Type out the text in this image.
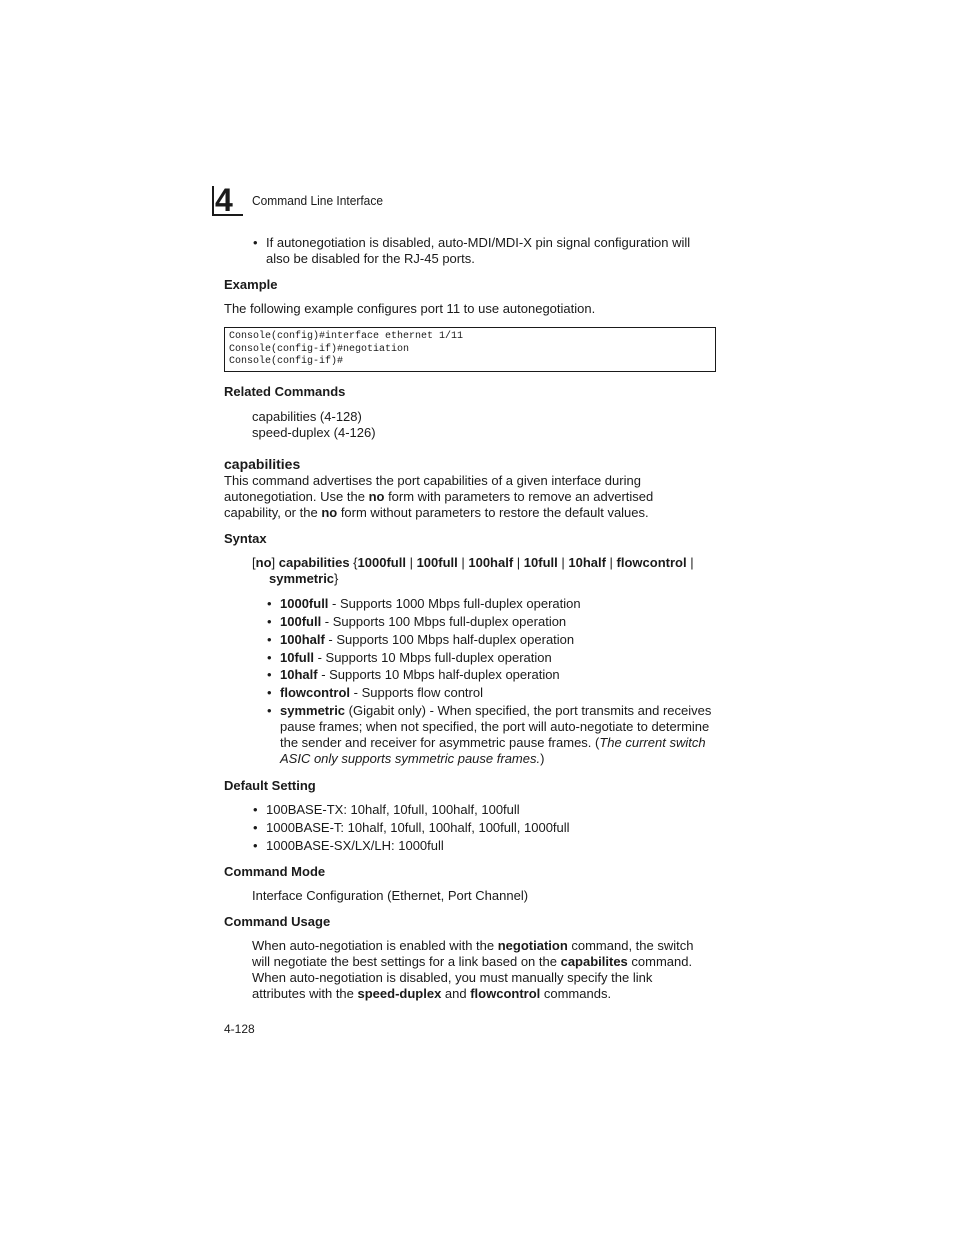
4	Command Line Interface
• If autonegotiation is disabled, auto-MDI/MDI-X pin signal configuration will
also be disabled for the RJ-45 ports.
Example
The following example configures port 11 to use autonegotiation.
Console(config)#interface ethernet 1/11
Console(config-if)#negotiation
Console(config-if)#
Related Commands
capabilities (4-128)
speed-duplex (4-126)
capabilities
This command advertises the port capabilities of a given interface during
autonegotiation. Use the no form with parameters to remove an advertised
capability, or the no form without parameters to restore the default values.
Syntax
[no] capabilities {1000full | 100full | 100half | 10full | 10half | flowcontrol |
symmetric}
• 1000full - Supports 1000 Mbps full-duplex operation
• 100full - Supports 100 Mbps full-duplex operation
• 100half - Supports 100 Mbps half-duplex operation
• 10full - Supports 10 Mbps full-duplex operation
• 10half - Supports 10 Mbps half-duplex operation
• flowcontrol - Supports flow control
• symmetric (Gigabit only) - When specified, the port transmits and receives
pause frames; when not specified, the port will auto-negotiate to determine
the sender and receiver for asymmetric pause frames. (The current switch
ASIC only supports symmetric pause frames.)
Default Setting
• 100BASE-TX: 10half, 10full, 100half, 100full
• 1000BASE-T: 10half, 10full, 100half, 100full, 1000full
• 1000BASE-SX/LX/LH: 1000full
Command Mode
Interface Configuration (Ethernet, Port Channel)
Command Usage
When auto-negotiation is enabled with the negotiation command, the switch
will negotiate the best settings for a link based on the capabilites command.
When auto-negotiation is disabled, you must manually specify the link
attributes with the speed-duplex and flowcontrol commands.
4-128
